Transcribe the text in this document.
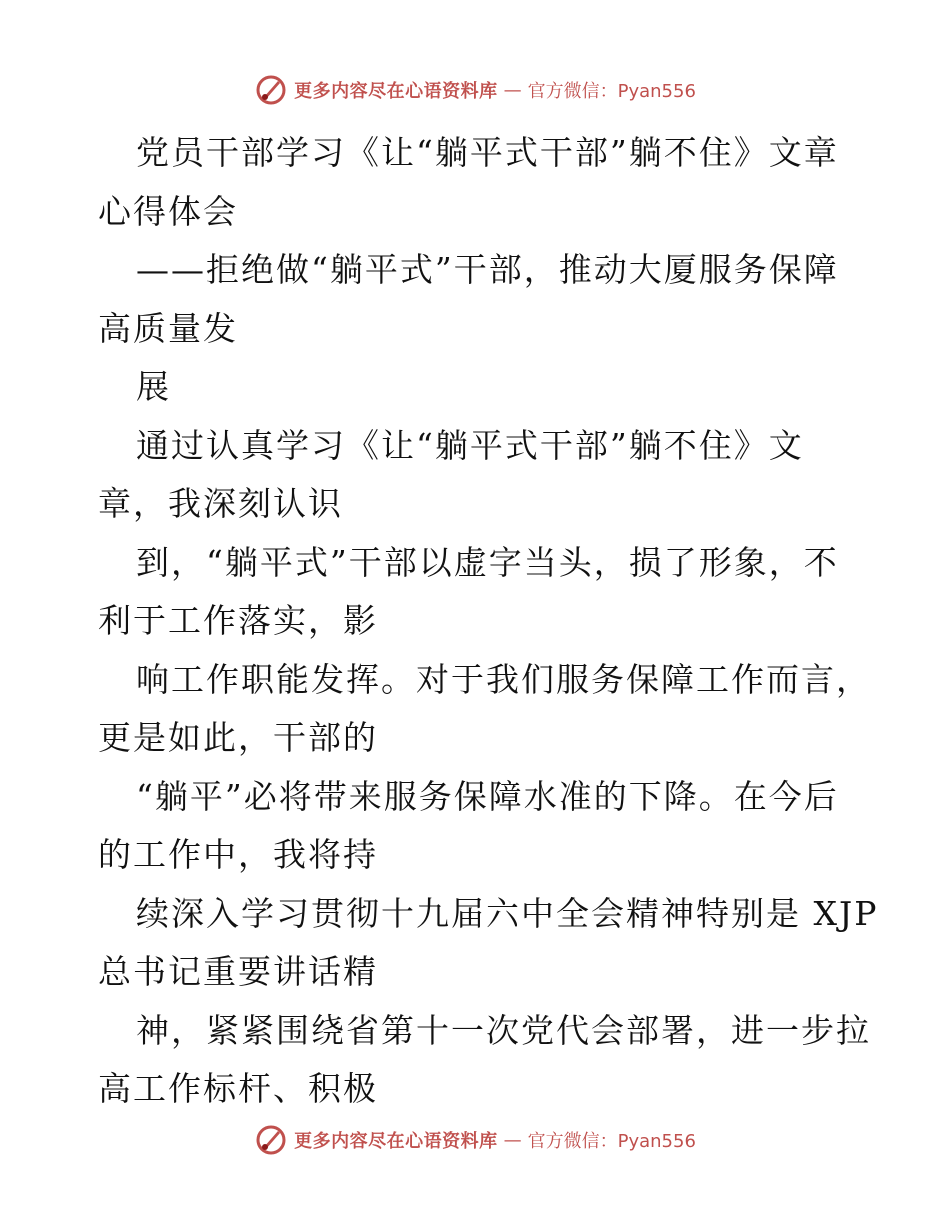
更多内容尽在心语资料库 — 官方微信：Pyan556
党员干部学习《让“躺平式干部”躺不住》文章
心得体会
——拒绝做“躺平式”干部，推动大厦服务保障
高质量发
展
通过认真学习《让“躺平式干部”躺不住》文
章，我深刻认识
到，“躺平式”干部以虚字当头，损了形象，不
利于工作落实，影
响工作职能发挥。对于我们服务保障工作而言，
更是如此，干部的
“躺平”必将带来服务保障水准的下降。在今后
的工作中，我将持
续深入学习贯彻十九届六中全会精神特别是 XJP
总书记重要讲话精
神，紧紧围绕省第十一次党代会部署，进一步拉
高工作标杆、积极
更多内容尽在心语资料库 — 官方微信：Pyan556
